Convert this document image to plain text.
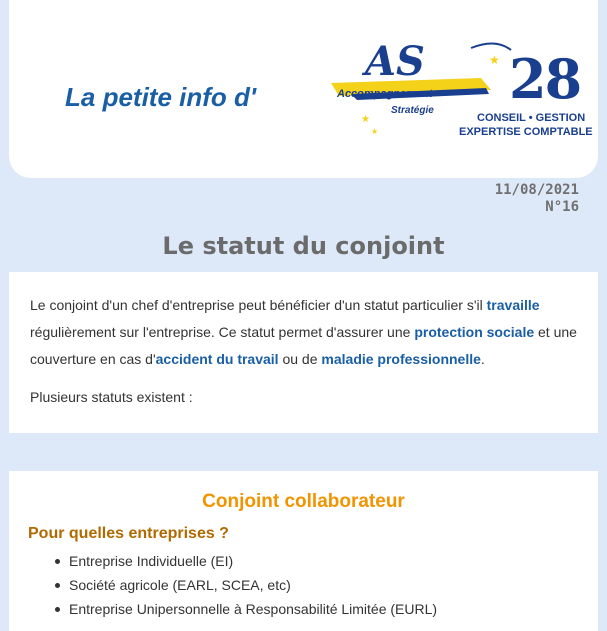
La petite info d'
★
★
★
AS
Accompagnement
Stratégie 28
CONSEIL • GESTION
EXPERTISE COMPTABLE
11/08/2021
N°16
Le statut du conjoint
Le conjoint d'un chef d'entreprise peut bénéficier d'un statut particulier s'il travaille régulièrement sur l'entreprise. Ce statut permet d'assurer une protection sociale et une couverture en cas d'accident du travail ou de maladie professionnelle.
Plusieurs statuts existent :
Conjoint collaborateur
Pour quelles entreprises ?
Entreprise Individuelle (EI)
Société agricole (EARL, SCEA, etc)
Entreprise Unipersonnelle à Responsabilité Limitée (EURL)
